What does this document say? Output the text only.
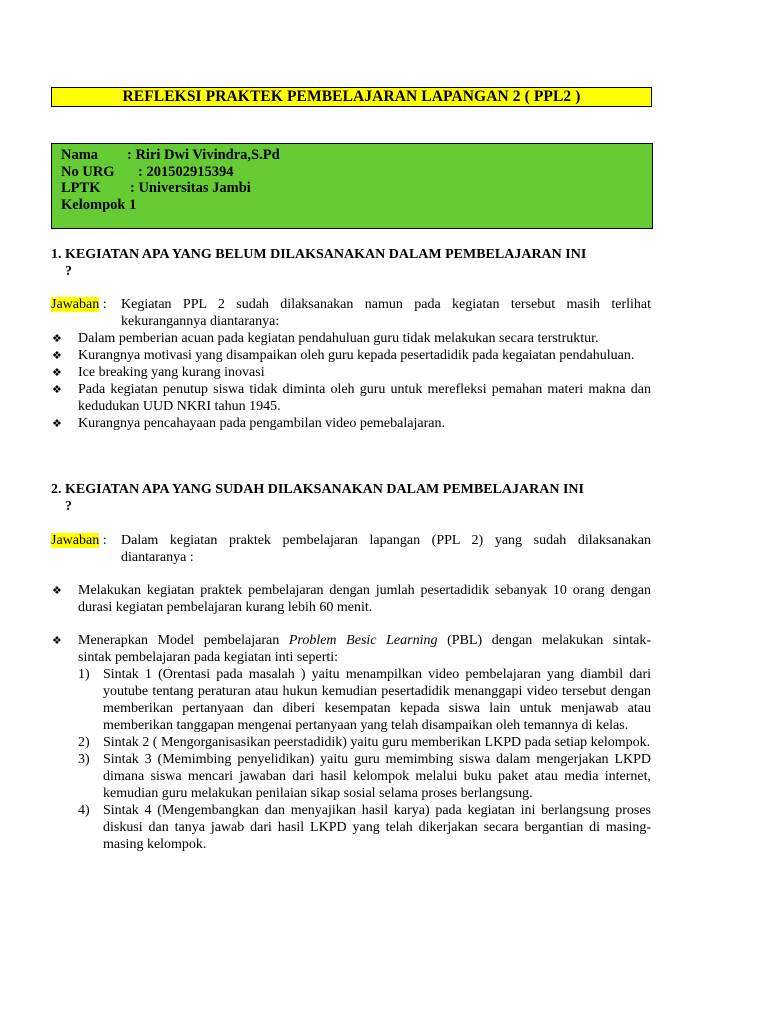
REFLEKSI PRAKTEK PEMBELAJARAN LAPANGAN 2 ( PPL2 )
Nama : Riri Dwi Vivindra,S.Pd
No URG : 201502915394
LPTK : Universitas Jambi
Kelompok 1
1. KEGIATAN APA YANG BELUM DILAKSANAKAN DALAM PEMBELAJARAN INI
?
Jawaban :	Kegiatan PPL 2 sudah dilaksanakan namun pada kegiatan tersebut masih terlihat
kekurangannya diantaranya:
❖ Dalam pemberian acuan pada kegiatan pendahuluan guru tidak melakukan secara terstruktur.
❖ Kurangnya motivasi yang disampaikan oleh guru kepada pesertadidik pada kegaiatan pendahuluan.
❖ Ice breaking yang kurang inovasi
❖ Pada kegiatan penutup siswa tidak diminta oleh guru untuk merefleksi pemahan materi makna dan kedudukan UUD NKRI tahun 1945.
❖ Kurangnya pencahayaan pada pengambilan video pemebalajaran.
2. KEGIATAN APA YANG SUDAH DILAKSANAKAN DALAM PEMBELAJARAN INI
?
Jawaban :	Dalam kegiatan praktek pembelajaran lapangan (PPL 2) yang sudah dilaksanakan
diantaranya :
❖ Melakukan kegiatan praktek pembelajaran dengan jumlah pesertadidik sebanyak 10 orang dengan durasi kegiatan pembelajaran kurang lebih 60 menit.
❖ Menerapkan Model pembelajaran Problem Besic Learning (PBL) dengan melakukan sintak-
sintak pembelajaran pada kegiatan inti seperti:
1) Sintak 1 (Orentasi pada masalah ) yaitu menampilkan video pembelajaran yang diambil dari youtube tentang peraturan atau hukun kemudian pesertadidik menanggapi video tersebut dengan memberikan pertanyaan dan diberi kesempatan kepada siswa lain untuk menjawab atau memberikan tanggapan mengenai pertanyaan yang telah disampaikan oleh temannya di kelas.
2) Sintak 2 ( Mengorganisasikan peerstadidik) yaitu guru memberikan LKPD pada setiap kelompok.
3) Sintak 3 (Memimbing penyelidikan) yaitu guru memimbing siswa dalam mengerjakan LKPD dimana siswa mencari jawaban dari hasil kelompok melalui buku paket atau media internet, kemudian guru melakukan penilaian sikap sosial selama proses berlangsung.
4) Sintak 4 (Mengembangkan dan menyajikan hasil karya) pada kegiatan ini berlangsung proses diskusi dan tanya jawab dari hasil LKPD yang telah dikerjakan secara bergantian di masing-masing kelompok.
